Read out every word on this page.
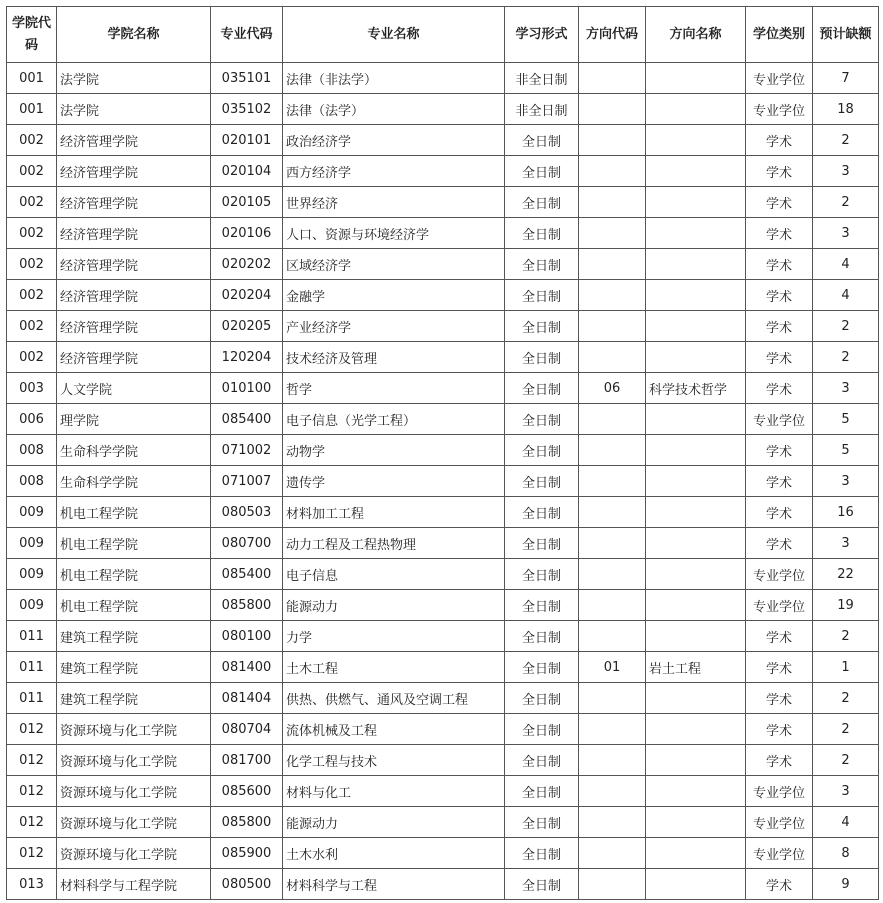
学院代码	学院名称	专业代码	专业名称	学习形式	方向代码	方向名称	学位类别	预计缺额
001	法学院	035101	法律（非法学）	非全日制			专业学位	7
001	法学院	035102	法律（法学）	非全日制			专业学位	18
002	经济管理学院	020101	政治经济学	全日制			学术	2
002	经济管理学院	020104	西方经济学	全日制			学术	3
002	经济管理学院	020105	世界经济	全日制			学术	2
002	经济管理学院	020106	人口、资源与环境经济学	全日制			学术	3
002	经济管理学院	020202	区域经济学	全日制			学术	4
002	经济管理学院	020204	金融学	全日制			学术	4
002	经济管理学院	020205	产业经济学	全日制			学术	2
002	经济管理学院	120204	技术经济及管理	全日制			学术	2
003	人文学院	010100	哲学	全日制	06	科学技术哲学	学术	3
006	理学院	085400	电子信息（光学工程）	全日制			专业学位	5
008	生命科学学院	071002	动物学	全日制			学术	5
008	生命科学学院	071007	遗传学	全日制			学术	3
009	机电工程学院	080503	材料加工工程	全日制			学术	16
009	机电工程学院	080700	动力工程及工程热物理	全日制			学术	3
009	机电工程学院	085400	电子信息	全日制			专业学位	22
009	机电工程学院	085800	能源动力	全日制			专业学位	19
011	建筑工程学院	080100	力学	全日制			学术	2
011	建筑工程学院	081400	土木工程	全日制	01	岩土工程	学术	1
011	建筑工程学院	081404	供热、供燃气、通风及空调工程	全日制			学术	2
012	资源环境与化工学院	080704	流体机械及工程	全日制			学术	2
012	资源环境与化工学院	081700	化学工程与技术	全日制			学术	2
012	资源环境与化工学院	085600	材料与化工	全日制			专业学位	3
012	资源环境与化工学院	085800	能源动力	全日制			专业学位	4
012	资源环境与化工学院	085900	土木水利	全日制			专业学位	8
013	材料科学与工程学院	080500	材料科学与工程	全日制			学术	9
